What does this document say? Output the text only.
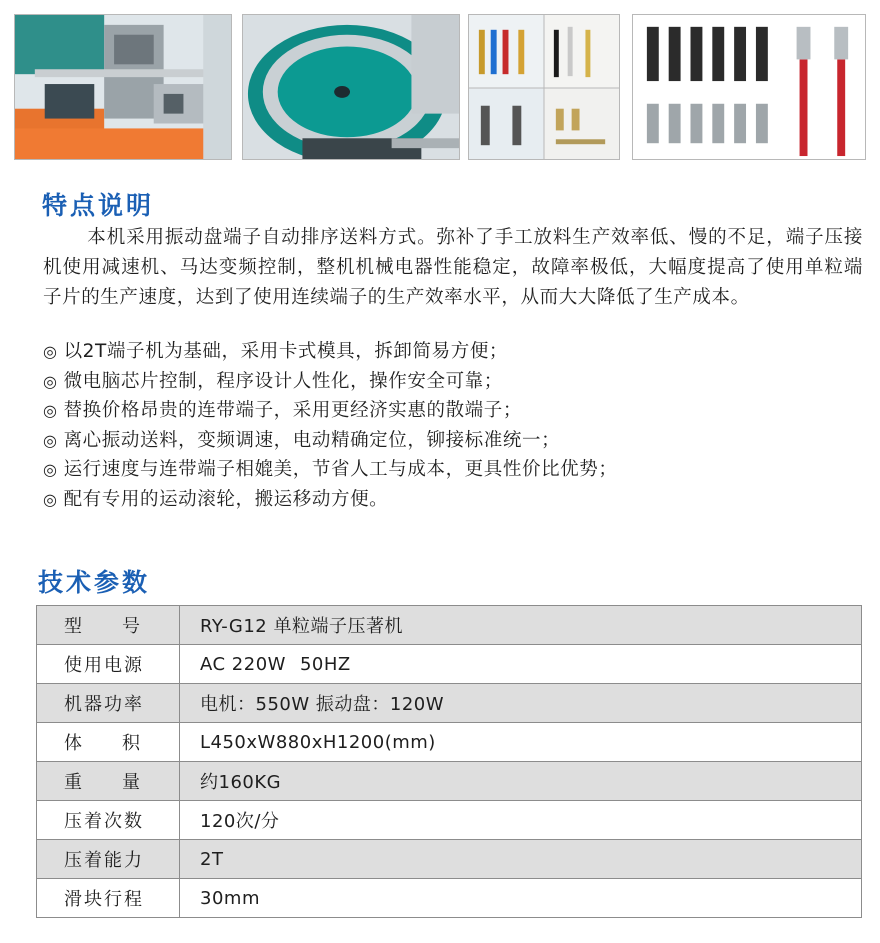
特点说明

本机采用振动盘端子自动排序送料方式。弥补了手工放料生产效率低、慢的不足，端子压接机使用减速机、马达变频控制，整机机械电器性能稳定，故障率极低，大幅度提高了使用单粒端子片的生产速度，达到了使用连续端子的生产效率水平，从而大大降低了生产成本。

◎ 以2T端子机为基础，采用卡式模具，拆卸简易方便；
◎ 微电脑芯片控制，程序设计人性化，操作安全可靠；
◎ 替换价格昂贵的连带端子，采用更经济实惠的散端子；
◎ 离心振动送料，变频调速，电动精确定位，铆接标准统一；
◎ 运行速度与连带端子相媲美，节省人工与成本，更具性价比优势；
◎ 配有专用的运动滚轮，搬运移动方便。
技术参数
型 号	RY-G12 单粒端子压著机
使用电源	AC 220W 50HZ
机器功率	电机：550W 振动盘：120W
体 积	L450xW880xH1200(mm)
重 量	约160KG
压着次数	120次/分
压着能力	2T
滑块行程	30mm
